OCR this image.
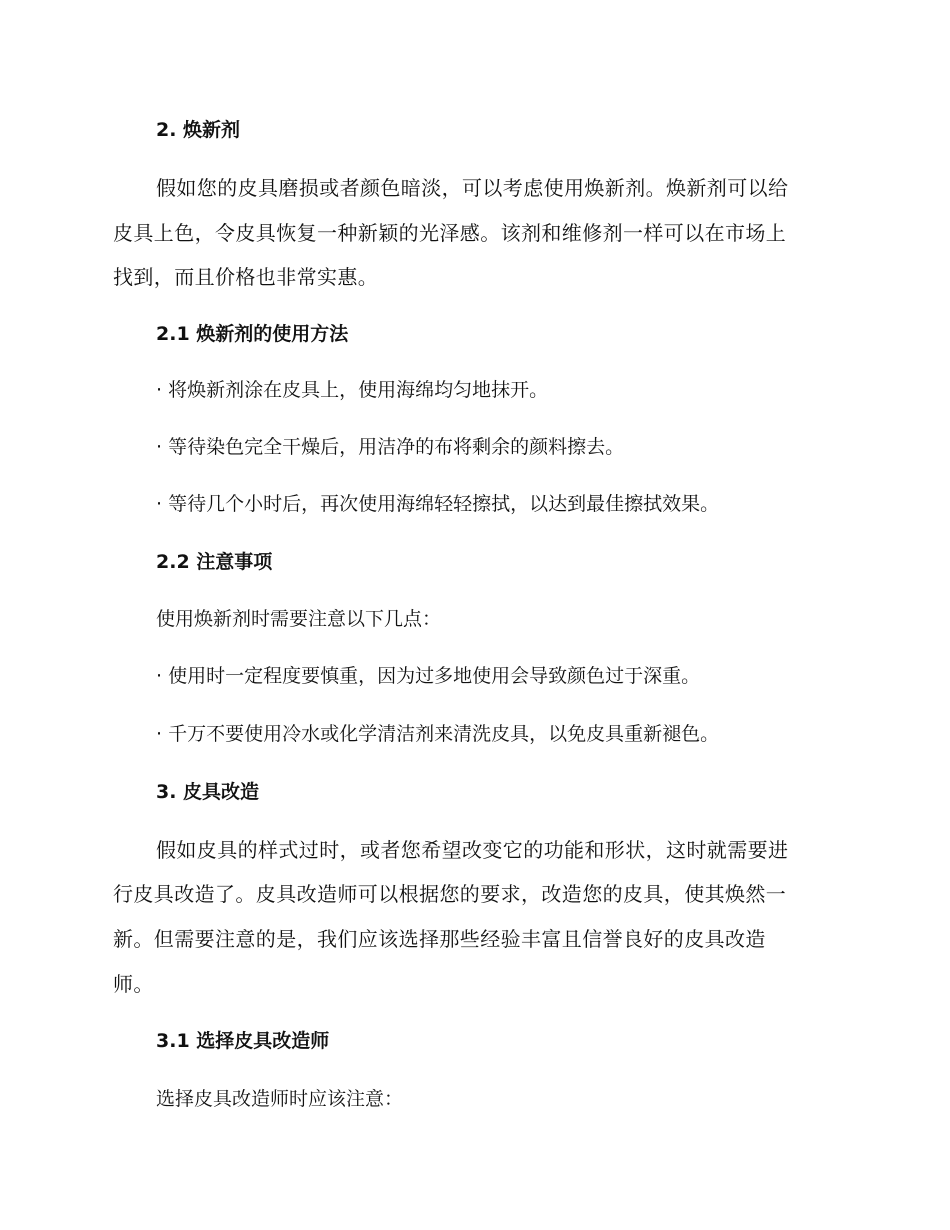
2. 焕新剂

假如您的皮具磨损或者颜色暗淡，可以考虑使用焕新剂。焕新剂可以给

皮具上色，令皮具恢复一种新颖的光泽感。该剂和维修剂一样可以在市场上

找到，而且价格也非常实惠。

2.1 焕新剂的使用方法

· 将焕新剂涂在皮具上，使用海绵均匀地抹开。

· 等待染色完全干燥后，用洁净的布将剩余的颜料擦去。

· 等待几个小时后，再次使用海绵轻轻擦拭，以达到最佳擦拭效果。

2.2 注意事项

使用焕新剂时需要注意以下几点：

· 使用时一定程度要慎重，因为过多地使用会导致颜色过于深重。

· 千万不要使用冷水或化学清洁剂来清洗皮具，以免皮具重新褪色。

3. 皮具改造

假如皮具的样式过时，或者您希望改变它的功能和形状，这时就需要进

行皮具改造了。皮具改造师可以根据您的要求，改造您的皮具，使其焕然一

新。但需要注意的是，我们应该选择那些经验丰富且信誉良好的皮具改造

师。

3.1 选择皮具改造师

选择皮具改造师时应该注意：
